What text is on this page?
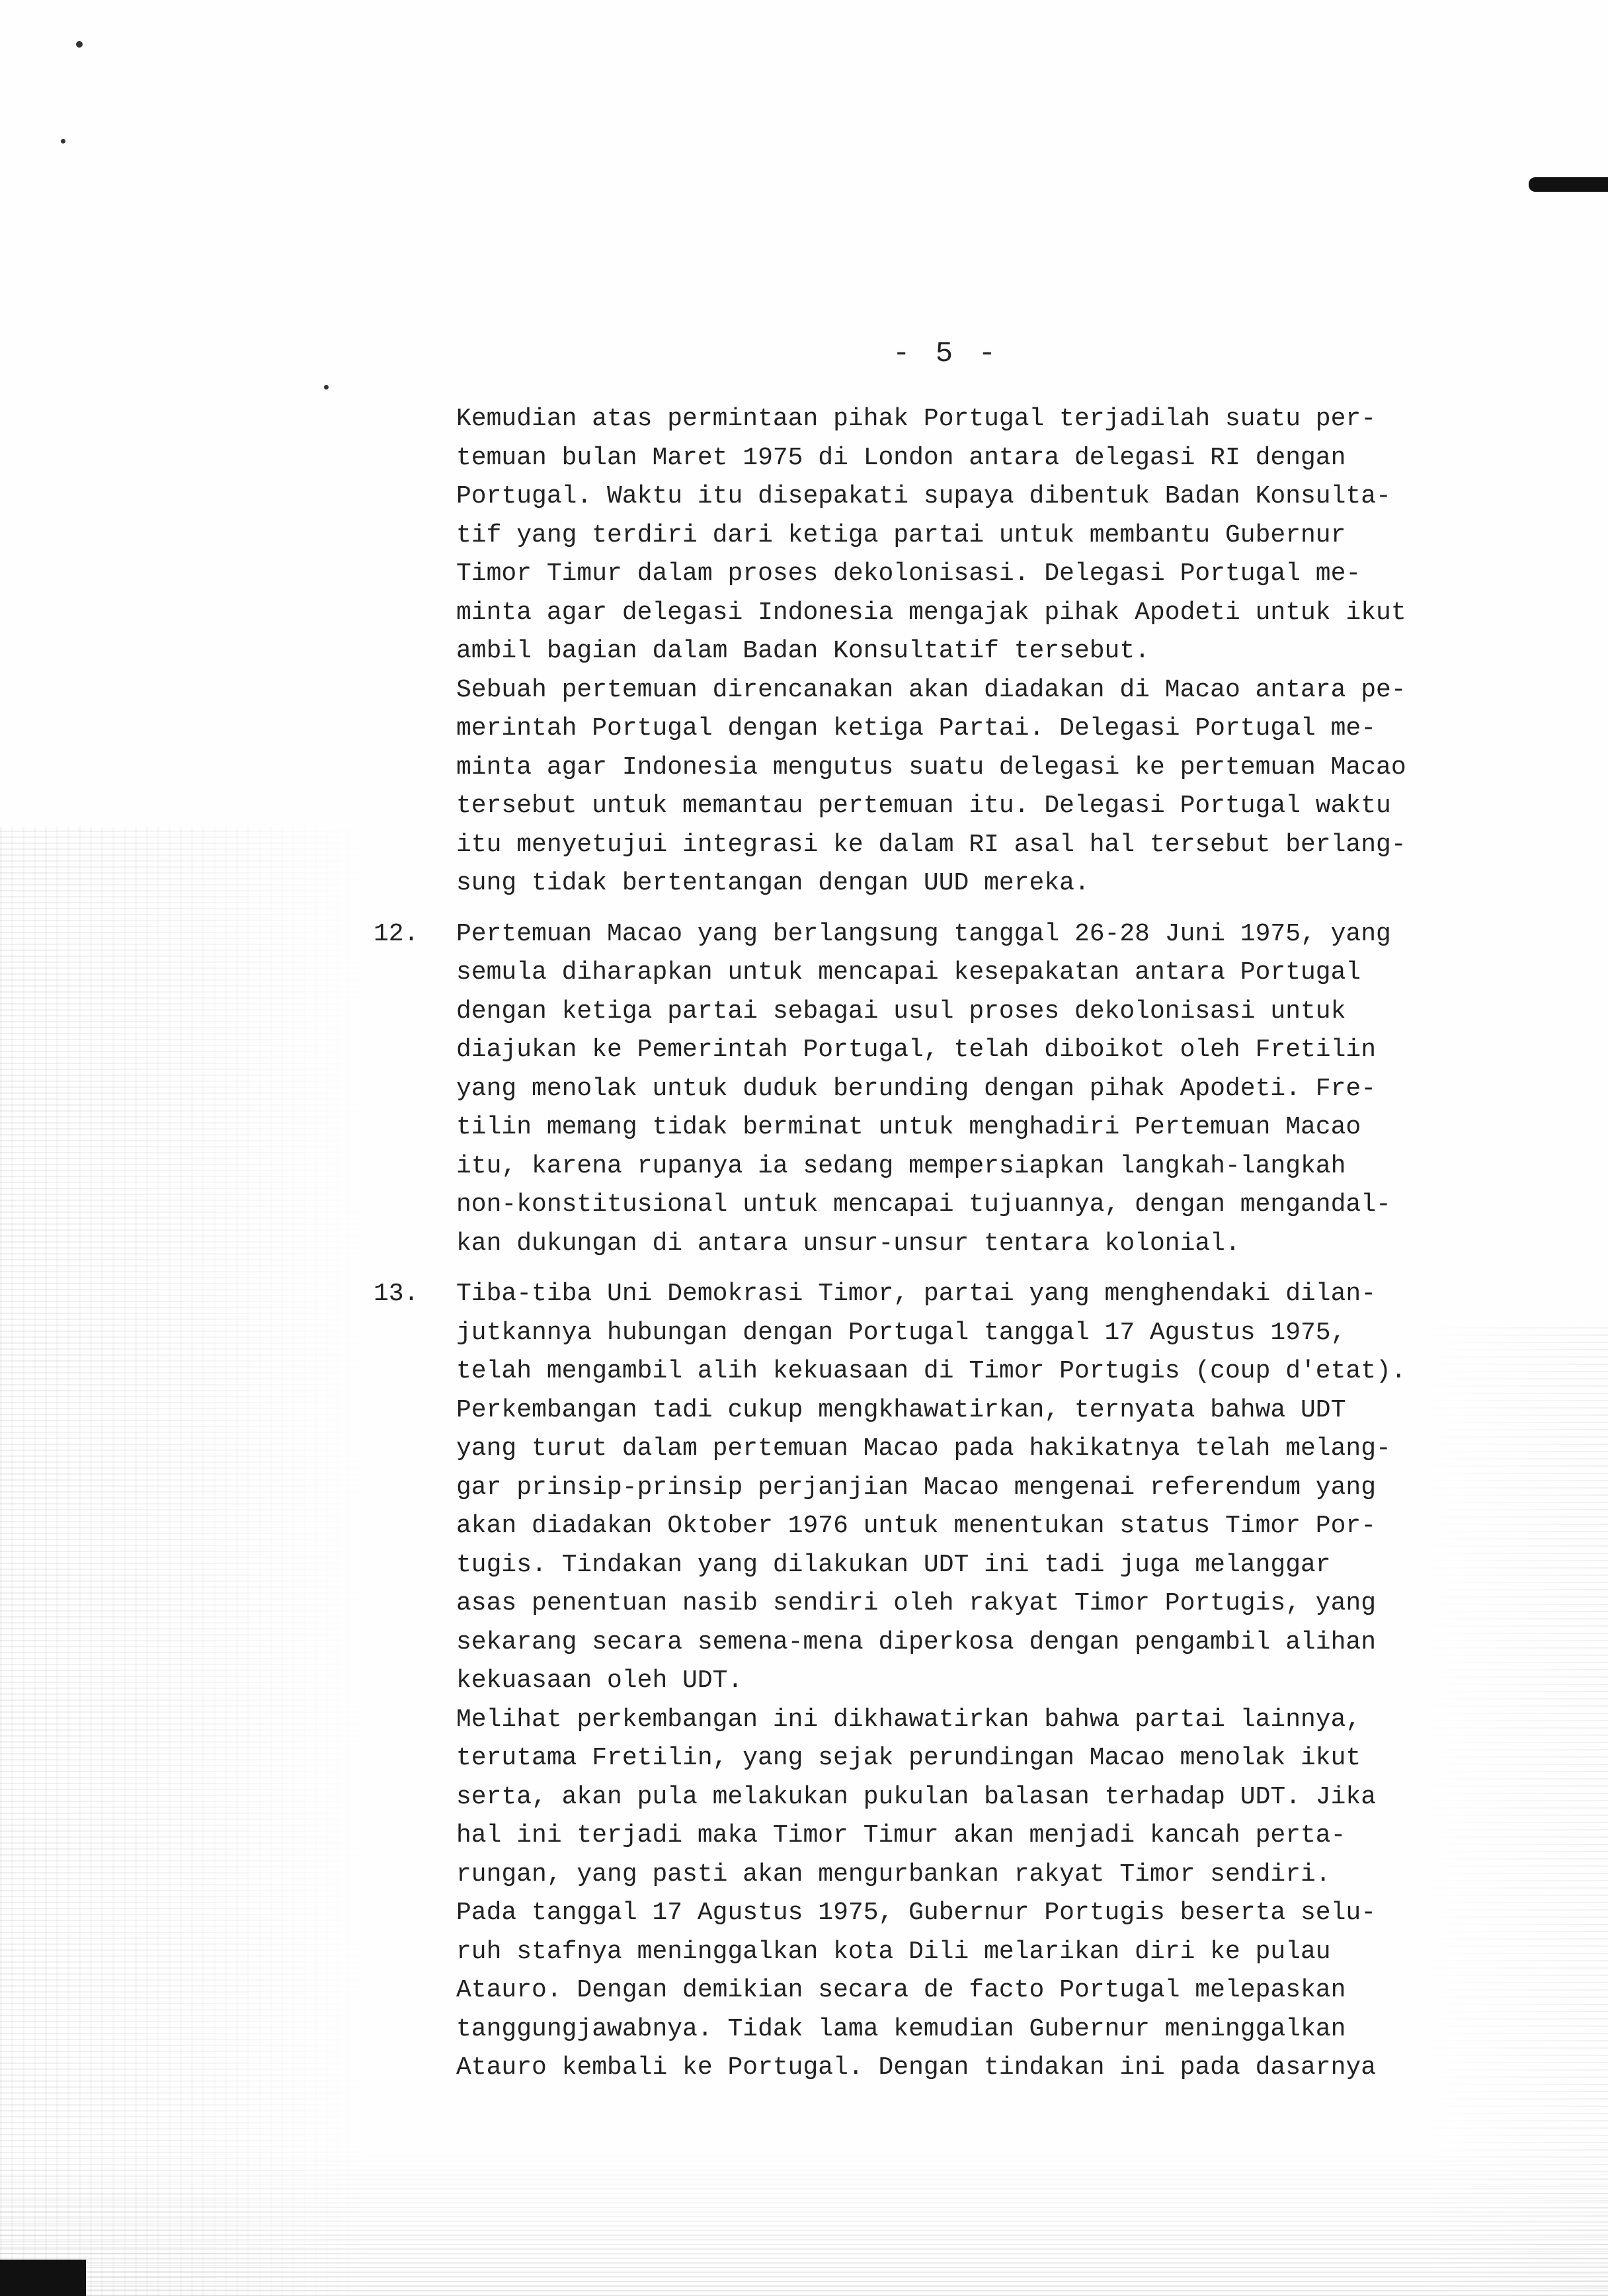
- 5 -
Kemudian atas permintaan pihak Portugal terjadilah suatu per-
temuan bulan Maret 1975 di London antara delegasi RI dengan
Portugal. Waktu itu disepakati supaya dibentuk Badan Konsulta-
tif yang terdiri dari ketiga partai untuk membantu Gubernur
Timor Timur dalam proses dekolonisasi. Delegasi Portugal me-
minta agar delegasi Indonesia mengajak pihak Apodeti untuk ikut
ambil bagian dalam Badan Konsultatif tersebut.
Sebuah pertemuan direncanakan akan diadakan di Macao antara pe-
merintah Portugal dengan ketiga Partai. Delegasi Portugal me-
minta agar Indonesia mengutus suatu delegasi ke pertemuan Macao
tersebut untuk memantau pertemuan itu. Delegasi Portugal waktu
itu menyetujui integrasi ke dalam RI asal hal tersebut berlang-
sung tidak bertentangan dengan UUD mereka.
12. Pertemuan Macao yang berlangsung tanggal 26-28 Juni 1975, yang
semula diharapkan untuk mencapai kesepakatan antara Portugal
dengan ketiga partai sebagai usul proses dekolonisasi untuk
diajukan ke Pemerintah Portugal, telah diboikot oleh Fretilin
yang menolak untuk duduk berunding dengan pihak Apodeti. Fre-
tilin memang tidak berminat untuk menghadiri Pertemuan Macao
itu, karena rupanya ia sedang mempersiapkan langkah-langkah
non-konstitusional untuk mencapai tujuannya, dengan mengandal-
kan dukungan di antara unsur-unsur tentara kolonial.
13. Tiba-tiba Uni Demokrasi Timor, partai yang menghendaki dilan-
jutkannya hubungan dengan Portugal tanggal 17 Agustus 1975,
telah mengambil alih kekuasaan di Timor Portugis (coup d'etat).
Perkembangan tadi cukup mengkhawatirkan, ternyata bahwa UDT
yang turut dalam pertemuan Macao pada hakikatnya telah melang-
gar prinsip-prinsip perjanjian Macao mengenai referendum yang
akan diadakan Oktober 1976 untuk menentukan status Timor Por-
tugis. Tindakan yang dilakukan UDT ini tadi juga melanggar
asas penentuan nasib sendiri oleh rakyat Timor Portugis, yang
sekarang secara semena-mena diperkosa dengan pengambil alihan
kekuasaan oleh UDT.
Melihat perkembangan ini dikhawatirkan bahwa partai lainnya,
terutama Fretilin, yang sejak perundingan Macao menolak ikut
serta, akan pula melakukan pukulan balasan terhadap UDT. Jika
hal ini terjadi maka Timor Timur akan menjadi kancah perta-
rungan, yang pasti akan mengurbankan rakyat Timor sendiri.
Pada tanggal 17 Agustus 1975, Gubernur Portugis beserta selu-
ruh stafnya meninggalkan kota Dili melarikan diri ke pulau
Atauro. Dengan demikian secara de facto Portugal melepaskan
tanggungjawabnya. Tidak lama kemudian Gubernur meninggalkan
Atauro kembali ke Portugal. Dengan tindakan ini pada dasarnya
